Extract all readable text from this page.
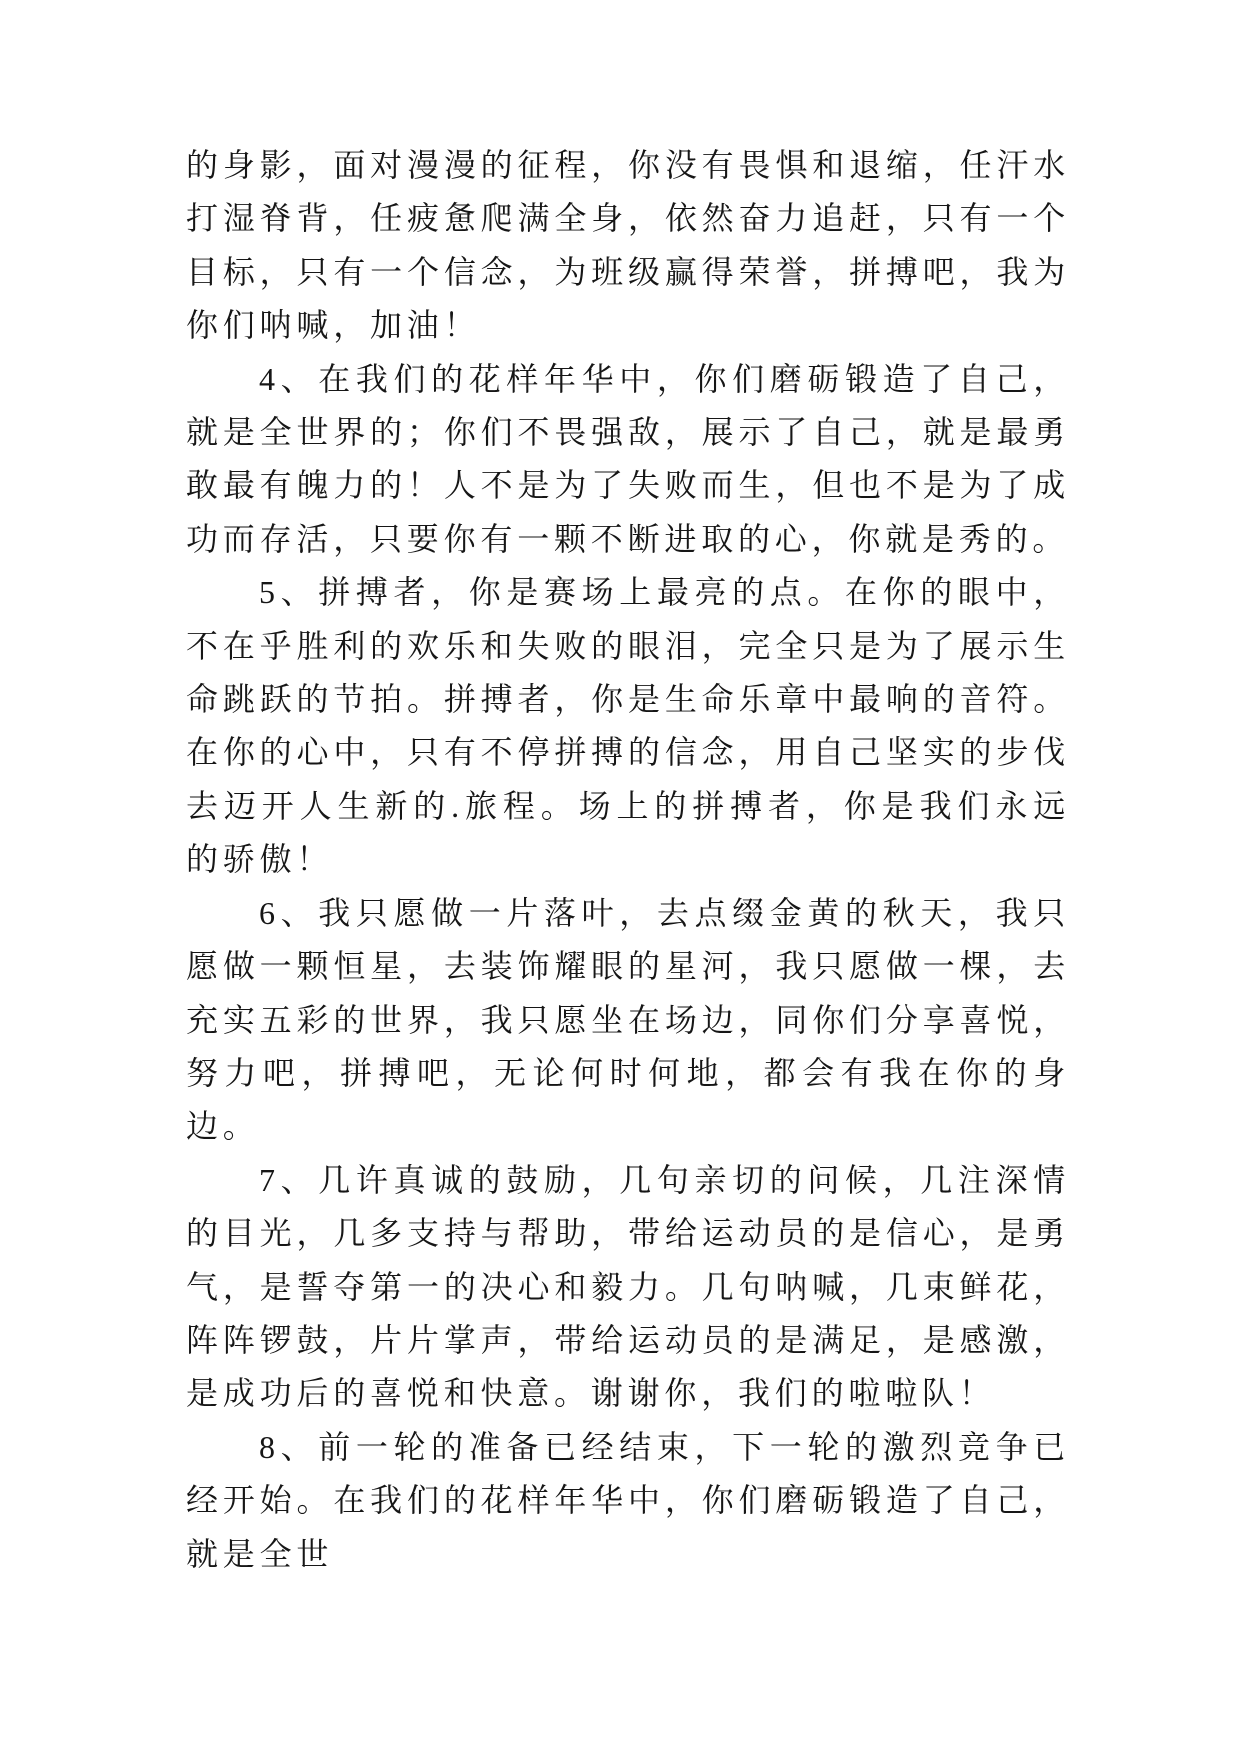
的身影，面对漫漫的征程，你没有畏惧和退缩，任汗水打湿脊背，任疲惫爬满全身，依然奋力追赶，只有一个目标，只有一个信念，为班级赢得荣誉，拼搏吧，我为你们呐喊，加油！

4、在我们的花样年华中，你们磨砺锻造了自己，就是全世界的；你们不畏强敌，展示了自己，就是最勇敢最有魄力的！人不是为了失败而生，但也不是为了成功而存活，只要你有一颗不断进取的心，你就是秀的。

5、拼搏者，你是赛场上最亮的点。在你的眼中，不在乎胜利的欢乐和失败的眼泪，完全只是为了展示生命跳跃的节拍。拼搏者，你是生命乐章中最响的音符。在你的心中，只有不停拼搏的信念，用自己坚实的步伐去迈开人生新的.旅程。场上的拼搏者，你是我们永远的骄傲！

6、我只愿做一片落叶，去点缀金黄的秋天，我只愿做一颗恒星，去装饰耀眼的星河，我只愿做一棵，去充实五彩的世界，我只愿坐在场边，同你们分享喜悦，努力吧，拼搏吧，无论何时何地，都会有我在你的身边。

7、几许真诚的鼓励，几句亲切的问候，几注深情的目光，几多支持与帮助，带给运动员的是信心，是勇气，是誓夺第一的决心和毅力。几句呐喊，几束鲜花，阵阵锣鼓，片片掌声，带给运动员的是满足，是感激，是成功后的喜悦和快意。谢谢你，我们的啦啦队！

8、前一轮的准备已经结束，下一轮的激烈竞争已经开始。在我们的花样年华中，你们磨砺锻造了自己，就是全世
